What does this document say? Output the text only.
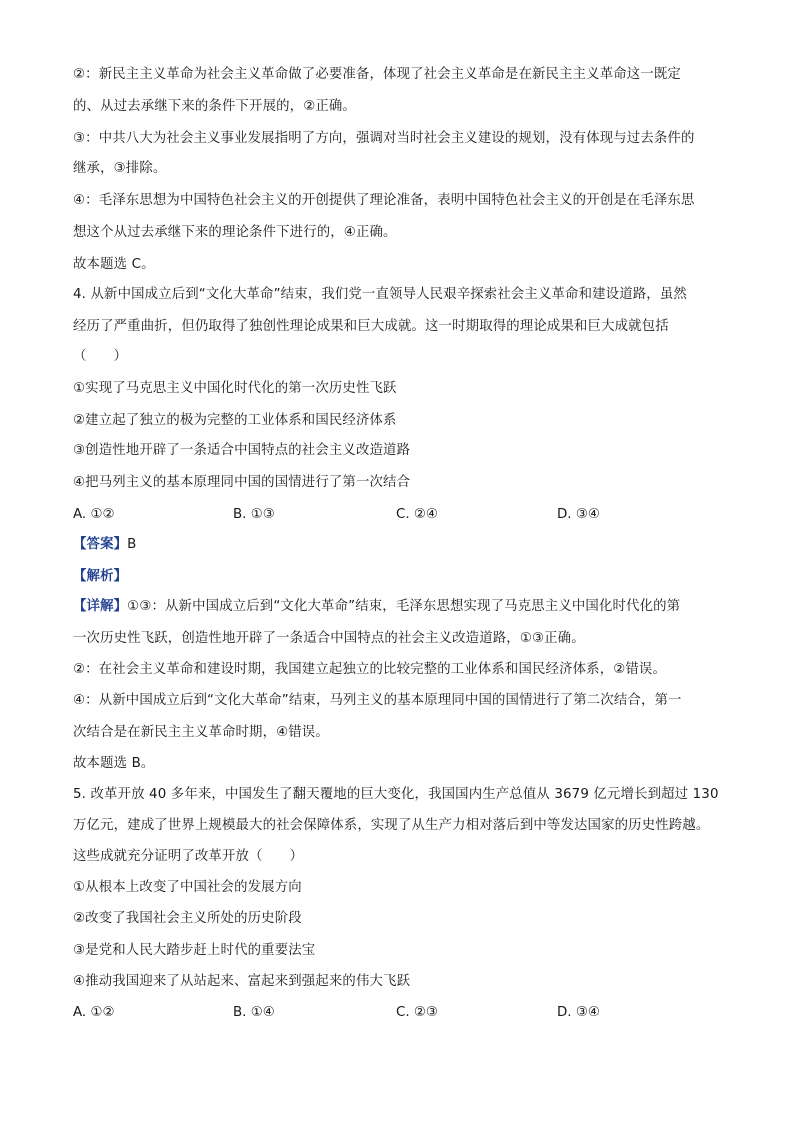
②：新民主主义革命为社会主义革命做了必要准备，体现了社会主义革命是在新民主主义革命这一既定
的、从过去承继下来的条件下开展的，②正确。
③：中共八大为社会主义事业发展指明了方向，强调对当时社会主义建设的规划，没有体现与过去条件的
继承，③排除。
④：毛泽东思想为中国特色社会主义的开创提供了理论准备，表明中国特色社会主义的开创是在毛泽东思
想这个从过去承继下来的理论条件下进行的，④正确。
故本题选 C。
4. 从新中国成立后到“文化大革命”结束，我们党一直领导人民艰辛探索社会主义革命和建设道路，虽然
经历了严重曲折，但仍取得了独创性理论成果和巨大成就。这一时期取得的理论成果和巨大成就包括
（　　）
①实现了马克思主义中国化时代化的第一次历史性飞跃
②建立起了独立的极为完整的工业体系和国民经济体系
③创造性地开辟了一条适合中国特点的社会主义改造道路
④把马列主义的基本原理同中国的国情进行了第一次结合
A. ①②	B. ①③	C. ②④	D. ③④
【答案】B
【解析】
【详解】①③：从新中国成立后到“文化大革命”结束，毛泽东思想实现了马克思主义中国化时代化的第
一次历史性飞跃，创造性地开辟了一条适合中国特点的社会主义改造道路，①③正确。
②：在社会主义革命和建设时期，我国建立起独立的比较完整的工业体系和国民经济体系，②错误。
④：从新中国成立后到“文化大革命”结束，马列主义的基本原理同中国的国情进行了第二次结合，第一
次结合是在新民主主义革命时期，④错误。
故本题选 B。
5. 改革开放 40 多年来，中国发生了翻天覆地的巨大变化，我国国内生产总值从 3679 亿元增长到超过 130
万亿元，建成了世界上规模最大的社会保障体系，实现了从生产力相对落后到中等发达国家的历史性跨越。
这些成就充分证明了改革开放（　　）
①从根本上改变了中国社会的发展方向
②改变了我国社会主义所处的历史阶段
③是党和人民大踏步赶上时代的重要法宝
④推动我国迎来了从站起来、富起来到强起来的伟大飞跃
A. ①②	B. ①④	C. ②③	D. ③④
